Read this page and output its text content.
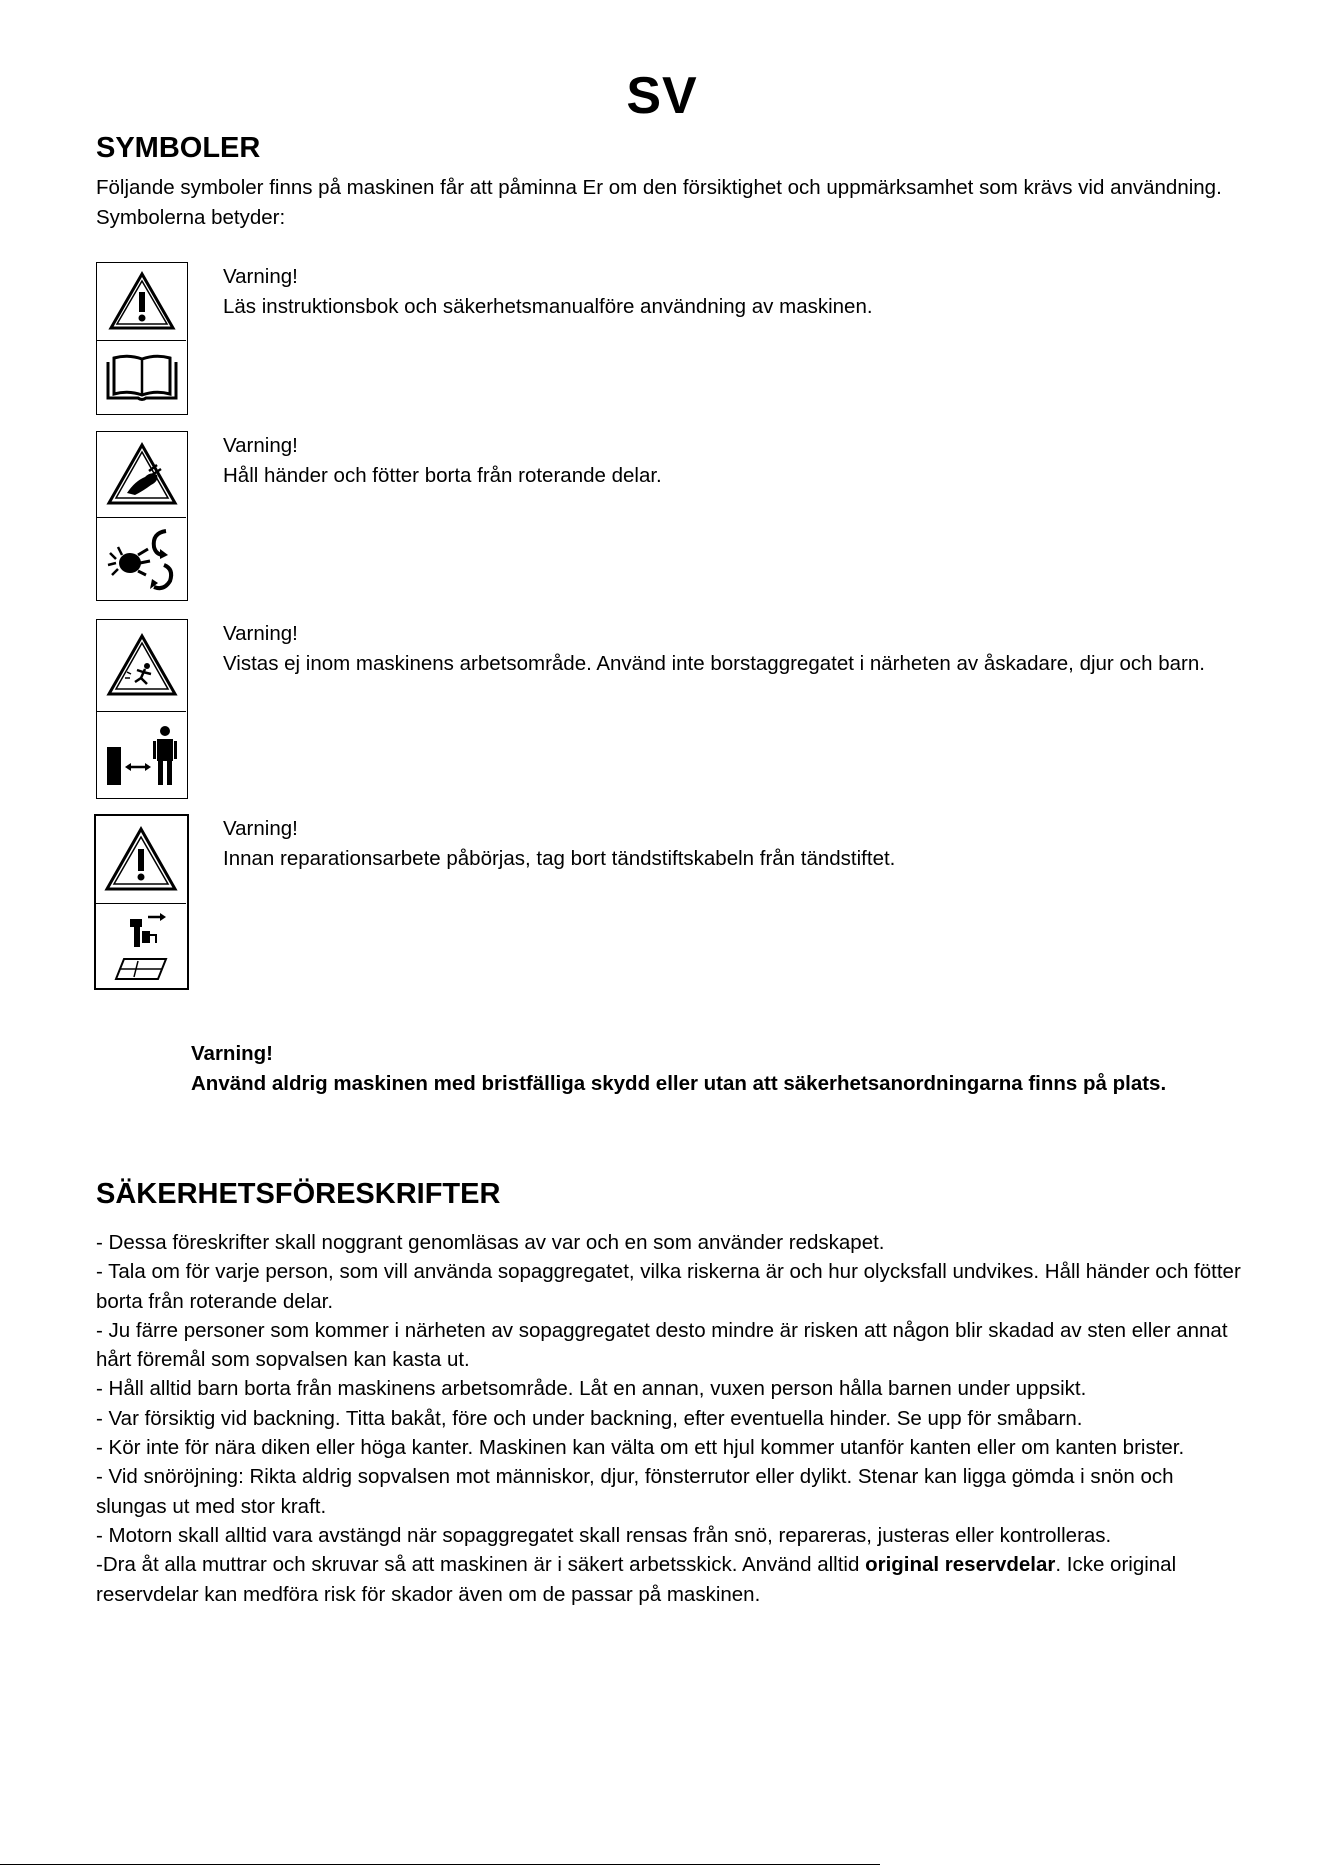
SV
SYMBOLER
Följande symboler finns på maskinen får att påminna Er om den försiktighet och uppmärksamhet som krävs vid användning. Symbolerna betyder:
Varning!
Läs instruktionsbok och säkerhetsmanualföre användning av maskinen.
Varning!
Håll händer och fötter borta från roterande delar.
Varning!
Vistas ej inom maskinens arbetsområde. Använd inte borstaggregatet i närheten av åskadare, djur och barn.
Varning!
Innan reparationsarbete påbörjas, tag bort tändstiftskabeln från tändstiftet.
Varning!
Använd aldrig maskinen med bristfälliga skydd eller utan att säkerhetsanordningarna finns på plats.
SÄKERHETSFÖRESKRIFTER

- Dessa föreskrifter skall noggrant genomläsas av var och en som använder redskapet.

- Tala om för varje person, som vill använda sopaggregatet, vilka riskerna är och hur olycksfall undvikes. Håll händer och fötter borta från roterande delar.

- Ju färre personer som kommer i närheten av sopaggregatet desto mindre är risken att någon blir skadad av sten eller annat hårt föremål som sopvalsen kan kasta ut.

- Håll alltid barn borta från maskinens arbetsområde. Låt en annan, vuxen person hålla barnen under uppsikt.

- Var försiktig vid backning. Titta bakåt, före och under backning, efter eventuella hinder. Se upp för småbarn.

- Kör inte för nära diken eller höga kanter. Maskinen kan välta om ett hjul kommer utanför kanten eller om kanten brister.

- Vid snöröjning: Rikta aldrig sopvalsen mot människor, djur, fönsterrutor eller dylikt. Stenar kan ligga gömda i snön och slungas ut med stor kraft.

- Motorn skall alltid vara avstängd när sopaggregatet skall rensas från snö, repareras, justeras eller kontrolleras.

-Dra åt alla muttrar och skruvar så att maskinen är i säkert arbetsskick. Använd alltid original reservdelar. Icke original reservdelar kan medföra risk för skador även om de passar på maskinen.
